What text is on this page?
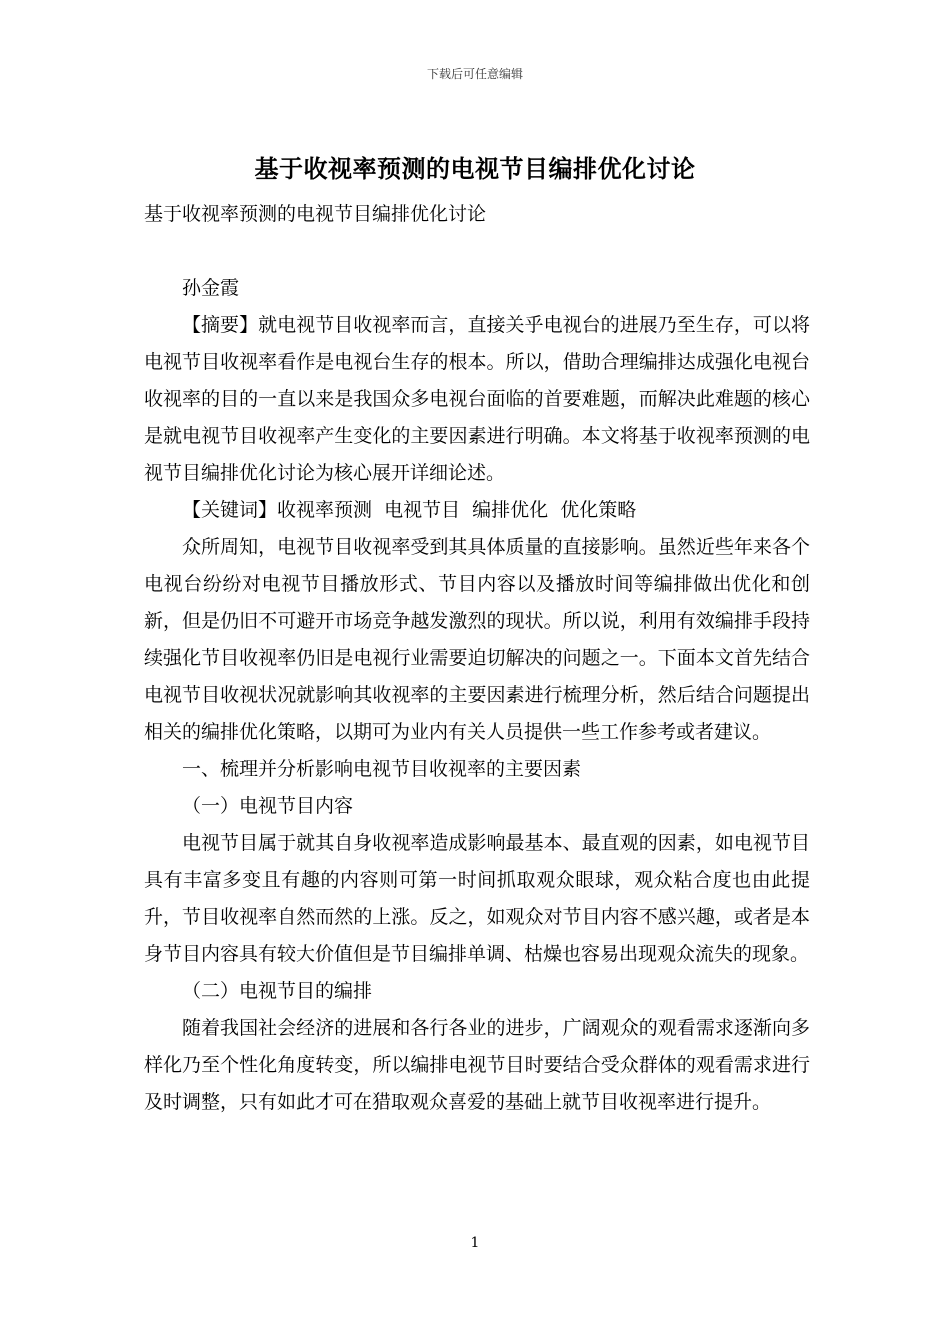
下载后可任意编辑
基于收视率预测的电视节目编排优化讨论
基于收视率预测的电视节目编排优化讨论
孙金霞

【摘要】就电视节目收视率而言，直接关乎电视台的进展乃至生存，可以将电视节目收视率看作是电视台生存的根本。所以，借助合理编排达成强化电视台收视率的目的一直以来是我国众多电视台面临的首要难题，而解决此难题的核心是就电视节目收视率产生变化的主要因素进行明确。本文将基于收视率预测的电视节目编排优化讨论为核心展开详细论述。

【关键词】收视率预测  电视节目  编排优化  优化策略

众所周知，电视节目收视率受到其具体质量的直接影响。虽然近些年来各个电视台纷纷对电视节目播放形式、节目内容以及播放时间等编排做出优化和创新，但是仍旧不可避开市场竞争越发激烈的现状。所以说，利用有效编排手段持续强化节目收视率仍旧是电视行业需要迫切解决的问题之一。下面本文首先结合电视节目收视状况就影响其收视率的主要因素进行梳理分析，然后结合问题提出相关的编排优化策略，以期可为业内有关人员提供一些工作参考或者建议。

一、梳理并分析影响电视节目收视率的主要因素
（一）电视节目内容

电视节目属于就其自身收视率造成影响最基本、最直观的因素，如电视节目具有丰富多变且有趣的内容则可第一时间抓取观众眼球，观众粘合度也由此提升，节目收视率自然而然的上涨。反之，如观众对节目内容不感兴趣，或者是本身节目内容具有较大价值但是节目编排单调、枯燥也容易出现观众流失的现象。

（二）电视节目的编排

随着我国社会经济的进展和各行各业的进步，广阔观众的观看需求逐渐向多样化乃至个性化角度转变，所以编排电视节目时要结合受众群体的观看需求进行及时调整，只有如此才可在猎取观众喜爱的基础上就节目收视率进行提升。

1
